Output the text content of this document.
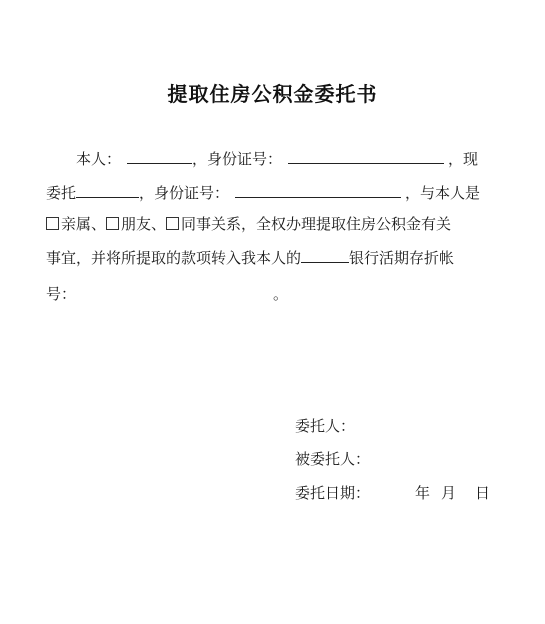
提取住房公积金委托书
本人：	，身份证号：	，现
委托	，身份证号：	，与本人是
亲属、 朋友、 同事关系，全权办理提取住房公积金有关
事宜，并将所提取的款项转入我本人的	银行活期存折帐
号：	。
委托人：
被委托人：
委托日期：	年 月 日
